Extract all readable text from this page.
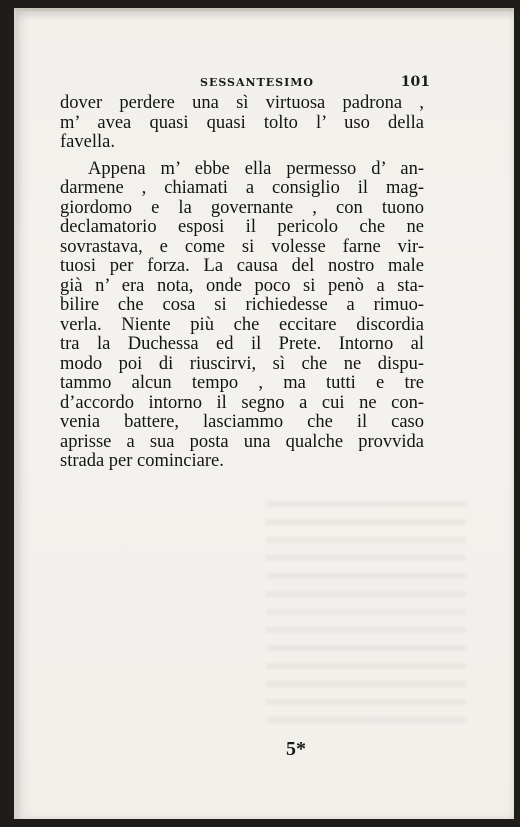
SESSANTESIMO	101
dover perdere una sì virtuosa padrona ,
m’ avea quasi quasi tolto l’ uso della
favella.
Appena m’ ebbe ella permesso d’ an-
darmene , chiamati a consiglio il mag-
giordomo e la governante , con tuono
declamatorio esposi il pericolo che ne
sovrastava, e come si volesse farne vir-
tuosi per forza. La causa del nostro male
già n’ era nota, onde poco si penò a sta-
bilire che cosa si richiedesse a rimuo-
verla. Niente più che eccitare discordia
tra la Duchessa ed il Prete. Intorno al
modo poi di riuscirvi, sì che ne dispu-
tammo alcun tempo , ma tutti e tre
d’accordo intorno il segno a cui ne con-
venia battere, lasciammo che il caso
aprisse a sua posta una qualche provvida
strada per cominciare.
5*
